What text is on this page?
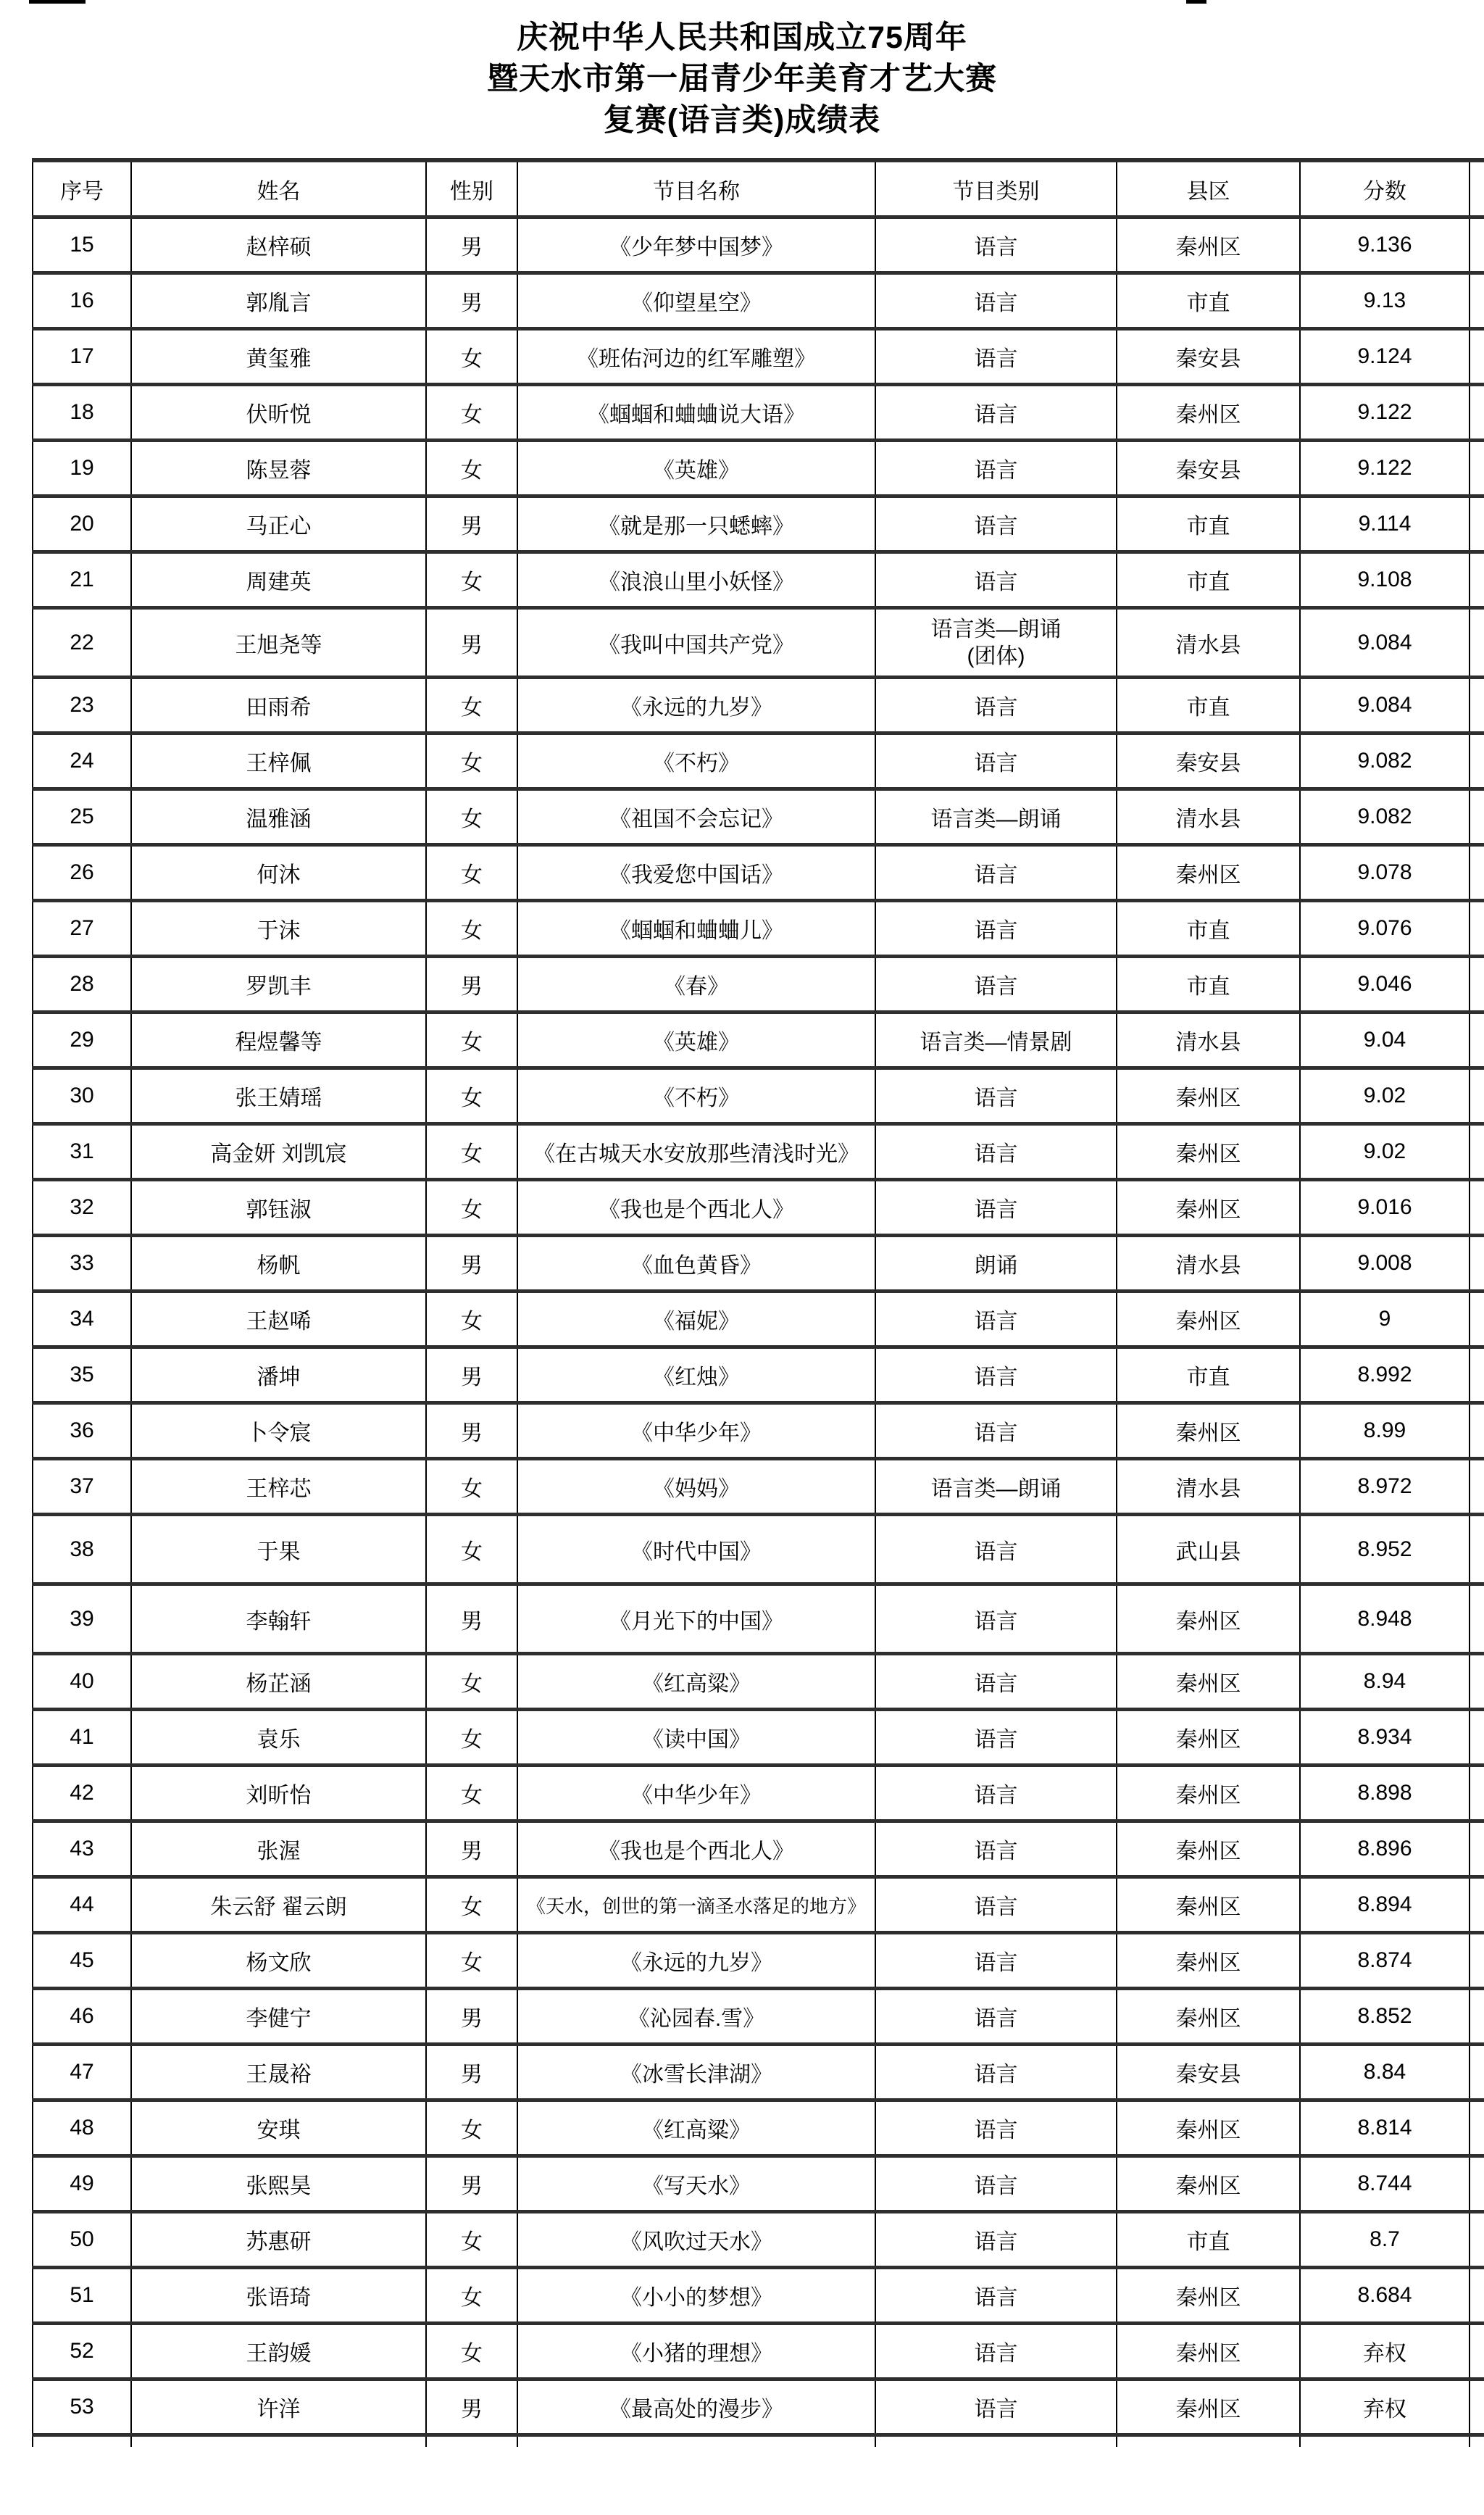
庆祝中华人民共和国成立75周年
暨天水市第一届青少年美育才艺大赛
复赛(语言类)成绩表
序号	姓名	性别	节目名称	节目类别	县区	分数	
15	赵梓硕	男	《少年梦中国梦》	语言	秦州区	9.136	
16	郭胤言	男	《仰望星空》	语言	市直	9.13	
17	黄玺雅	女	《班佑河边的红军雕塑》	语言	秦安县	9.124	
18	伏昕悦	女	《蝈蝈和蛐蛐说大语》	语言	秦州区	9.122	
19	陈昱蓉	女	《英雄》	语言	秦安县	9.122	
20	马正心	男	《就是那一只蟋蟀》	语言	市直	9.114	
21	周建英	女	《浪浪山里小妖怪》	语言	市直	9.108	
22	王旭尧等	男	《我叫中国共产党》	语言类—朗诵
(团体)	清水县	9.084	
23	田雨希	女	《永远的九岁》	语言	市直	9.084	
24	王梓佩	女	《不朽》	语言	秦安县	9.082	
25	温雅涵	女	《祖国不会忘记》	语言类—朗诵	清水县	9.082	
26	何沐	女	《我爱您中国话》	语言	秦州区	9.078	
27	于沫	女	《蝈蝈和蛐蛐儿》	语言	市直	9.076	
28	罗凯丰	男	《春》	语言	市直	9.046	
29	程煜馨等	女	《英雄》	语言类—情景剧	清水县	9.04	
30	张王婧瑶	女	《不朽》	语言	秦州区	9.02	
31	高金妍 刘凯宸	女	《在古城天水安放那些清浅时光》	语言	秦州区	9.02	
32	郭钰淑	女	《我也是个西北人》	语言	秦州区	9.016	
33	杨帆	男	《血色黄昏》	朗诵	清水县	9.008	
34	王赵唏	女	《福妮》	语言	秦州区	9	
35	潘坤	男	《红烛》	语言	市直	8.992	
36	卜令宸	男	《中华少年》	语言	秦州区	8.99	
37	王梓芯	女	《妈妈》	语言类—朗诵	清水县	8.972	
38	于果	女	《时代中国》	语言	武山县	8.952	
39	李翰轩	男	《月光下的中国》	语言	秦州区	8.948	
40	杨芷涵	女	《红高粱》	语言	秦州区	8.94	
41	袁乐	女	《读中国》	语言	秦州区	8.934	
42	刘昕怡	女	《中华少年》	语言	秦州区	8.898	
43	张渥	男	《我也是个西北人》	语言	秦州区	8.896	
44	朱云舒 翟云朗	女	《天水，创世的第一滴圣水落足的地方》	语言	秦州区	8.894	
45	杨文欣	女	《永远的九岁》	语言	秦州区	8.874	
46	李健宁	男	《沁园春.雪》	语言	秦州区	8.852	
47	王晟裕	男	《冰雪长津湖》	语言	秦安县	8.84	
48	安琪	女	《红高粱》	语言	秦州区	8.814	
49	张熙昊	男	《写天水》	语言	秦州区	8.744	
50	苏惠研	女	《风吹过天水》	语言	市直	8.7	
51	张语琦	女	《小小的梦想》	语言	秦州区	8.684	
52	王韵媛	女	《小猪的理想》	语言	秦州区	弃权	
53	许洋	男	《最高处的漫步》	语言	秦州区	弃权	
